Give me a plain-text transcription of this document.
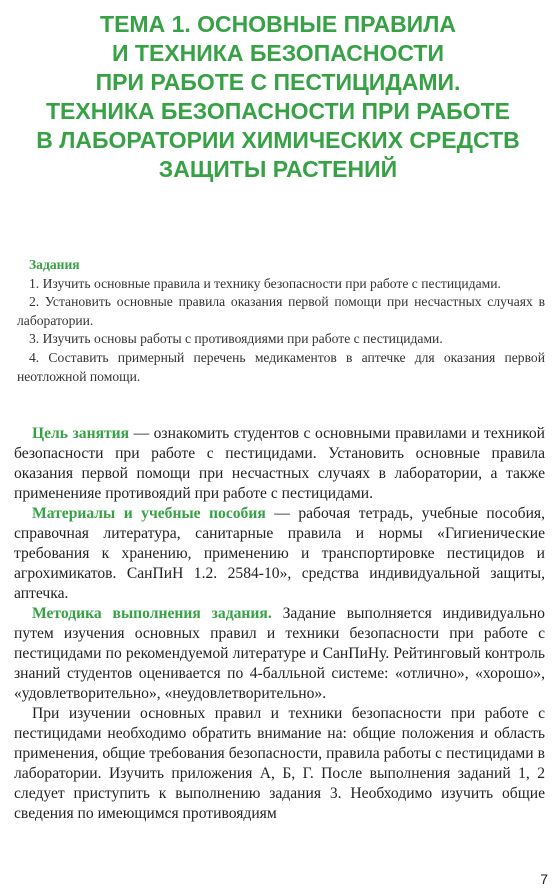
ТЕМА 1. ОСНОВНЫЕ ПРАВИЛА
И ТЕХНИКА БЕЗОПАСНОСТИ
ПРИ РАБОТЕ С ПЕСТИЦИДАМИ.
ТЕХНИКА БЕЗОПАСНОСТИ ПРИ РАБОТЕ
В ЛАБОРАТОРИИ ХИМИЧЕСКИХ СРЕДСТВ
ЗАЩИТЫ РАСТЕНИЙ

Задания

1. Изучить основные правила и технику безопасности при работе с пестицидами.

2. Установить основные правила оказания первой помощи при несчастных случаях в лаборатории.

3. Изучить основы работы с противоядиями при работе с пестицидами.

4. Составить примерный перечень медикаментов в аптечке для оказания первой неотложной помощи.

Цель занятия — ознакомить студентов с основными правилами и техникой безопасности при работе с пестицидами. Установить основные правила оказания первой помощи при несчастных случаях в лаборатории, а также примененияе противоядий при работе с пестицидами.

Материалы и учебные пособия — рабочая тетрадь, учебные пособия, справочная литература, санитарные правила и нормы «Гигиенические требования к хранению, применению и транспортировке пестицидов и агрохимикатов. СанПиН 1.2. 2584-10», средства индивидуальной защиты, аптечка.

Методика выполнения задания. Задание выполняется индивидуально путем изучения основных правил и техники безопасности при работе с пестицидами по рекомендуемой литературе и СанПиНу. Рейтинговый контроль знаний студентов оценивается по 4-балльной системе: «отлично», «хорошо», «удовлетворительно», «неудовлетворительно».

При изучении основных правил и техники безопасности при работе с пестицидами необходимо обратить внимание на: общие положения и область применения, общие требования безопасности, правила работы с пестицидами в лаборатории. Изучить приложения А, Б, Г. После выполнения заданий 1, 2 следует приступить к выполнению задания 3. Необходимо изучить общие сведения по имеющимся противоядиям

7
